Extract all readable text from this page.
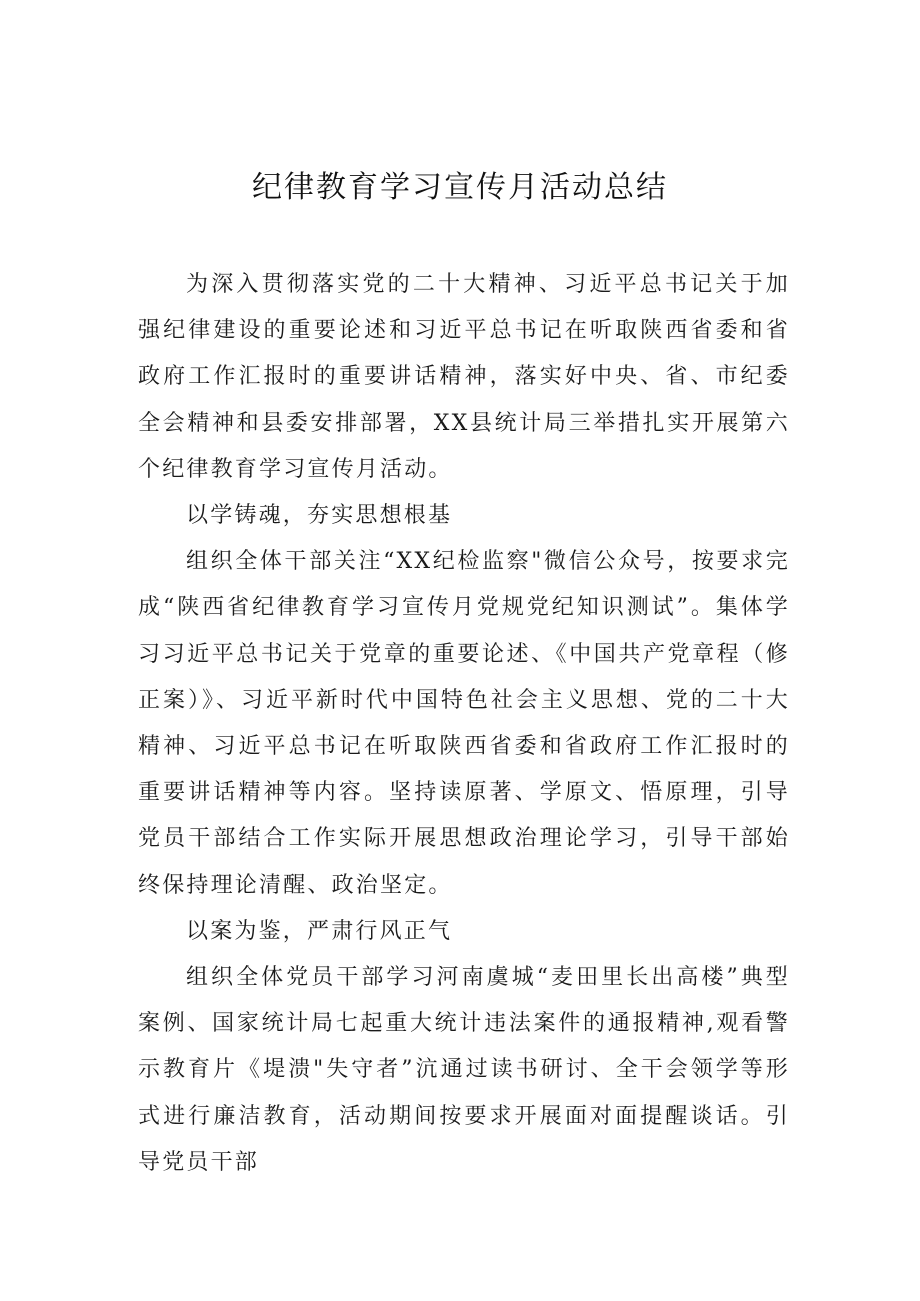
纪律教育学习宣传月活动总结

为深入贯彻落实党的二十大精神、习近平总书记关于加强纪律建设的重要论述和习近平总书记在听取陕西省委和省政府工作汇报时的重要讲话精神，落实好中央、省、市纪委全会精神和县委安排部署，XX县统计局三举措扎实开展第六个纪律教育学习宣传月活动。

以学铸魂，夯实思想根基

组织全体干部关注“XX纪检监察"微信公众号，按要求完成“陕西省纪律教育学习宣传月党规党纪知识测试”。集体学习习近平总书记关于党章的重要论述、《中国共产党章程（修正案）》、习近平新时代中国特色社会主义思想、党的二十大精神、习近平总书记在听取陕西省委和省政府工作汇报时的重要讲话精神等内容。坚持读原著、学原文、悟原理，引导党员干部结合工作实际开展思想政治理论学习，引导干部始终保持理论清醒、政治坚定。

以案为鉴，严肃行风正气

组织全体党员干部学习河南虞城“麦田里长出高楼”典型案例、国家统计局七起重大统计违法案件的通报精神,观看警示教育片《堤溃"失守者”沆通过读书研讨、全干会领学等形式进行廉洁教育，活动期间按要求开展面对面提醒谈话。引导党员干部
